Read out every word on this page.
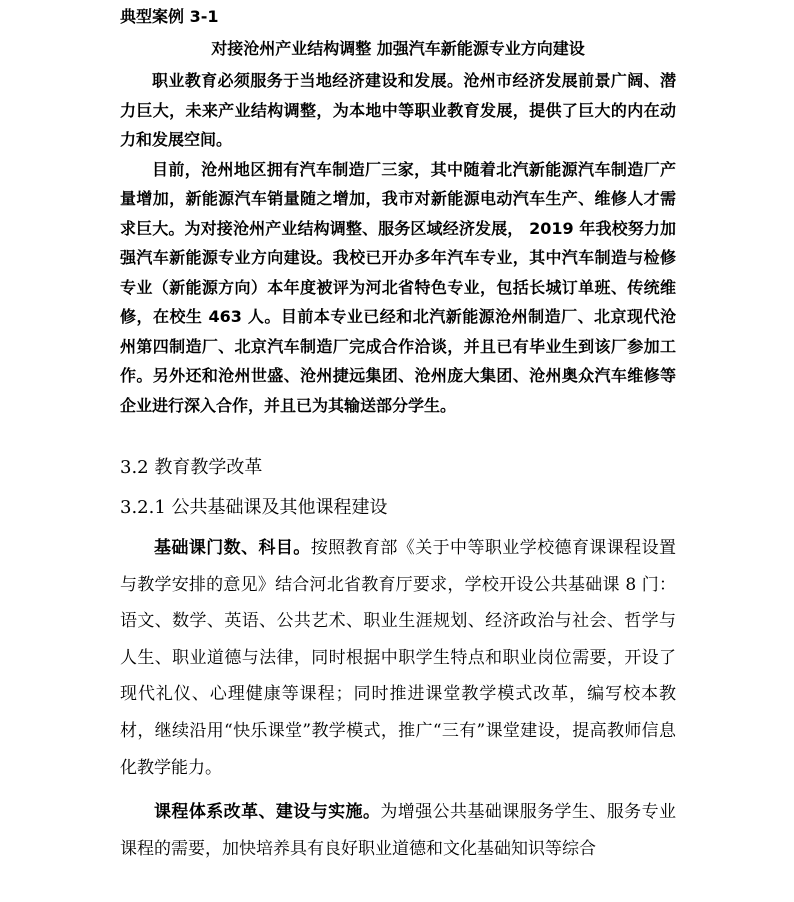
典型案例 3-1
对接沧州产业结构调整 加强汽车新能源专业方向建设

职业教育必须服务于当地经济建设和发展。沧州市经济发展前景广阔、潜力巨大，未来产业结构调整，为本地中等职业教育发展，提供了巨大的内在动力和发展空间。

目前，沧州地区拥有汽车制造厂三家，其中随着北汽新能源汽车制造厂产量增加，新能源汽车销量随之增加，我市对新能源电动汽车生产、维修人才需求巨大。为对接沧州产业结构调整、服务区域经济发展， 2019 年我校努力加强汽车新能源专业方向建设。我校已开办多年汽车专业，其中汽车制造与检修专业（新能源方向）本年度被评为河北省特色专业，包括长城订单班、传统维修，在校生 463 人。目前本专业已经和北汽新能源沧州制造厂、北京现代沧州第四制造厂、北京汽车制造厂完成合作洽谈，并且已有毕业生到该厂参加工作。另外还和沧州世盛、沧州捷远集团、沧州庞大集团、沧州奥众汽车维修等企业进行深入合作，并且已为其输送部分学生。

3.2 教育教学改革
3.2.1 公共基础课及其他课程建设

基础课门数、科目。按照教育部《关于中等职业学校德育课课程设置与教学安排的意见》结合河北省教育厅要求，学校开设公共基础课 8 门：语文、数学、英语、公共艺术、职业生涯规划、经济政治与社会、哲学与人生、职业道德与法律，同时根据中职学生特点和职业岗位需要，开设了现代礼仪、心理健康等课程；同时推进课堂教学模式改革，编写校本教材，继续沿用“快乐课堂”教学模式，推广“三有”课堂建设，提高教师信息化教学能力。

课程体系改革、建设与实施。为增强公共基础课服务学生、服务专业课程的需要，加快培养具有良好职业道德和文化基础知识等综合
